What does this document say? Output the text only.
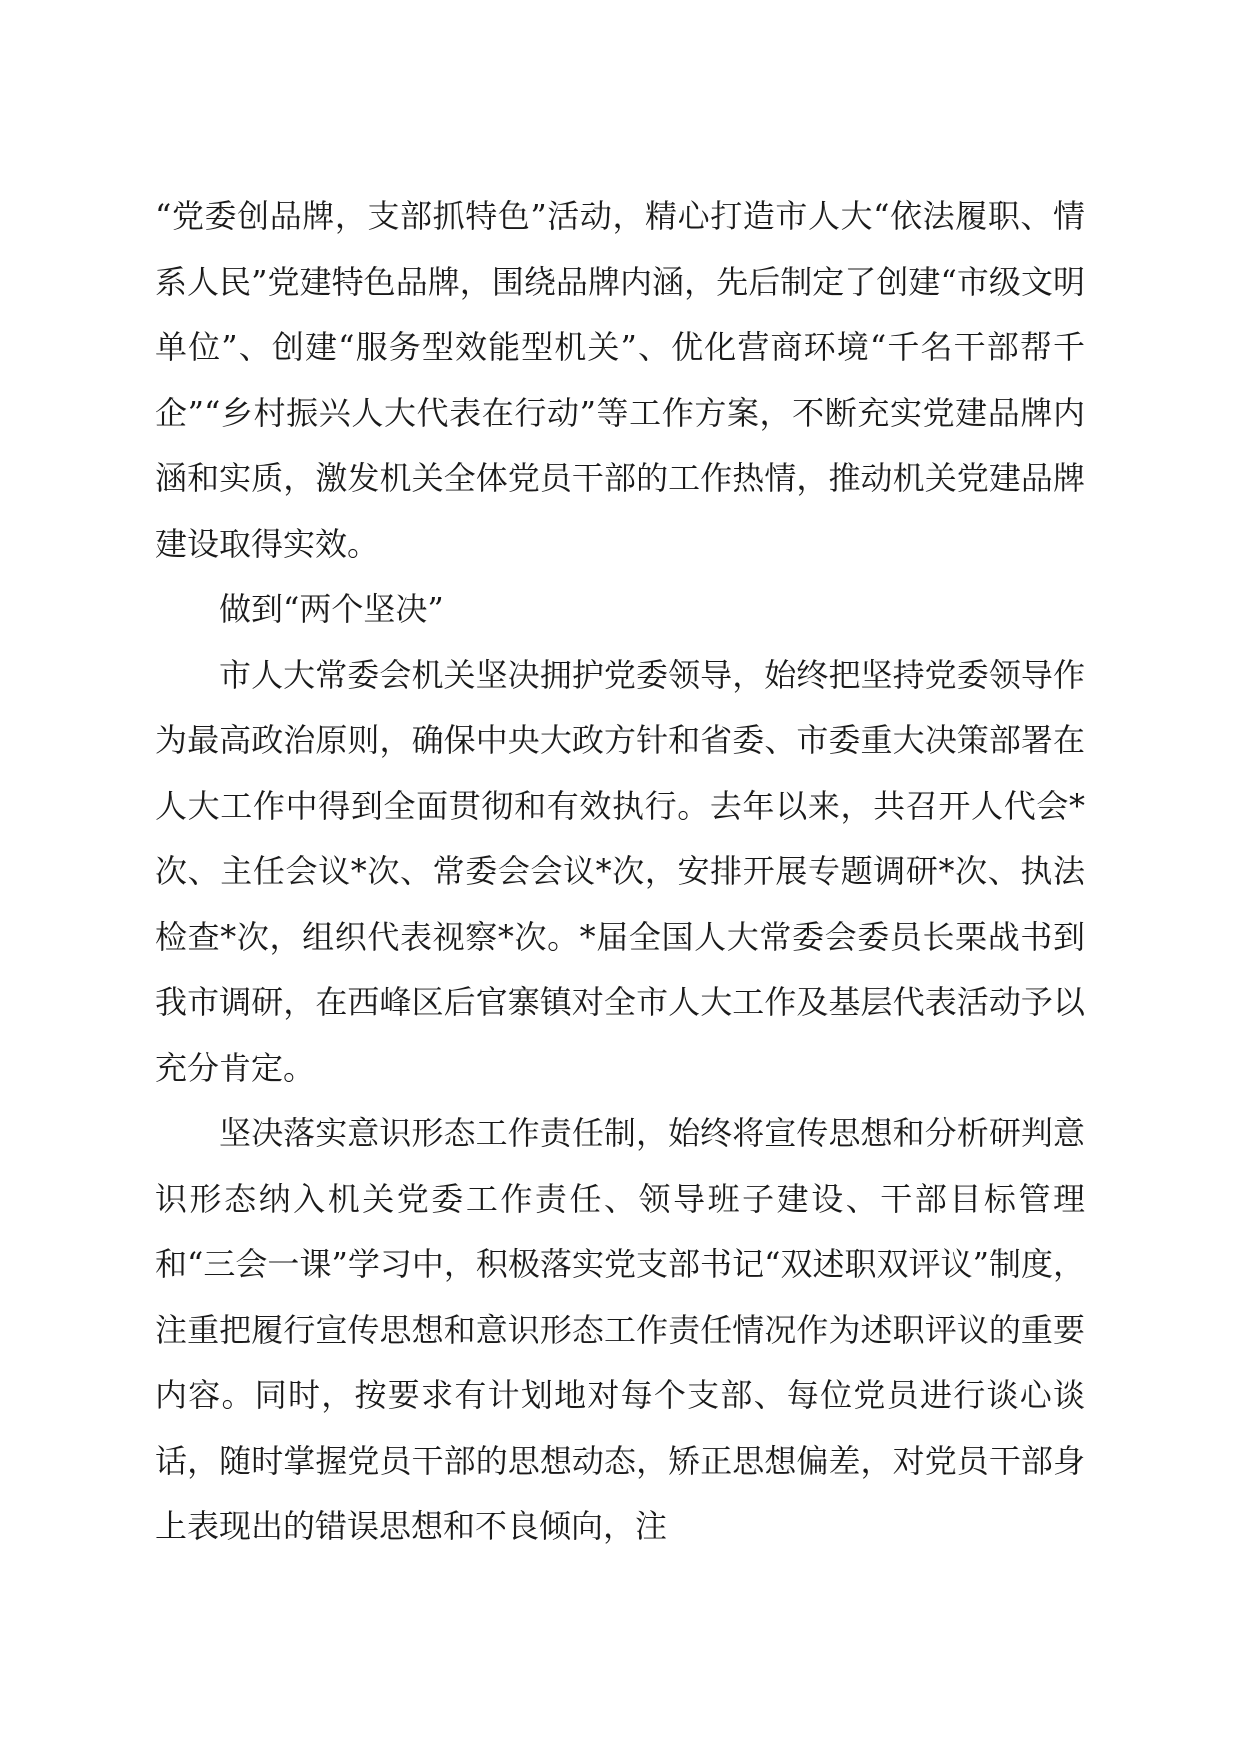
“党委创品牌，支部抓特色”活动，精心打造市人大“依法履职、情系人民”党建特色品牌，围绕品牌内涵，先后制定了创建“市级文明单位”、创建“服务型效能型机关”、优化营商环境“千名干部帮千企”“乡村振兴人大代表在行动”等工作方案，不断充实党建品牌内涵和实质，激发机关全体党员干部的工作热情，推动机关党建品牌建设取得实效。

做到“两个坚决”

市人大常委会机关坚决拥护党委领导，始终把坚持党委领导作为最高政治原则，确保中央大政方针和省委、市委重大决策部署在人大工作中得到全面贯彻和有效执行。去年以来，共召开人代会*次、主任会议*次、常委会会议*次，安排开展专题调研*次、执法检查*次，组织代表视察*次。*届全国人大常委会委员长栗战书到我市调研，在西峰区后官寨镇对全市人大工作及基层代表活动予以充分肯定。

坚决落实意识形态工作责任制，始终将宣传思想和分析研判意识形态纳入机关党委工作责任、领导班子建设、干部目标管理和“三会一课”学习中，积极落实党支部书记“双述职双评议”制度，注重把履行宣传思想和意识形态工作责任情况作为述职评议的重要内容。同时，按要求有计划地对每个支部、每位党员进行谈心谈话，随时掌握党员干部的思想动态，矫正思想偏差，对党员干部身上表现出的错误思想和不良倾向，注
